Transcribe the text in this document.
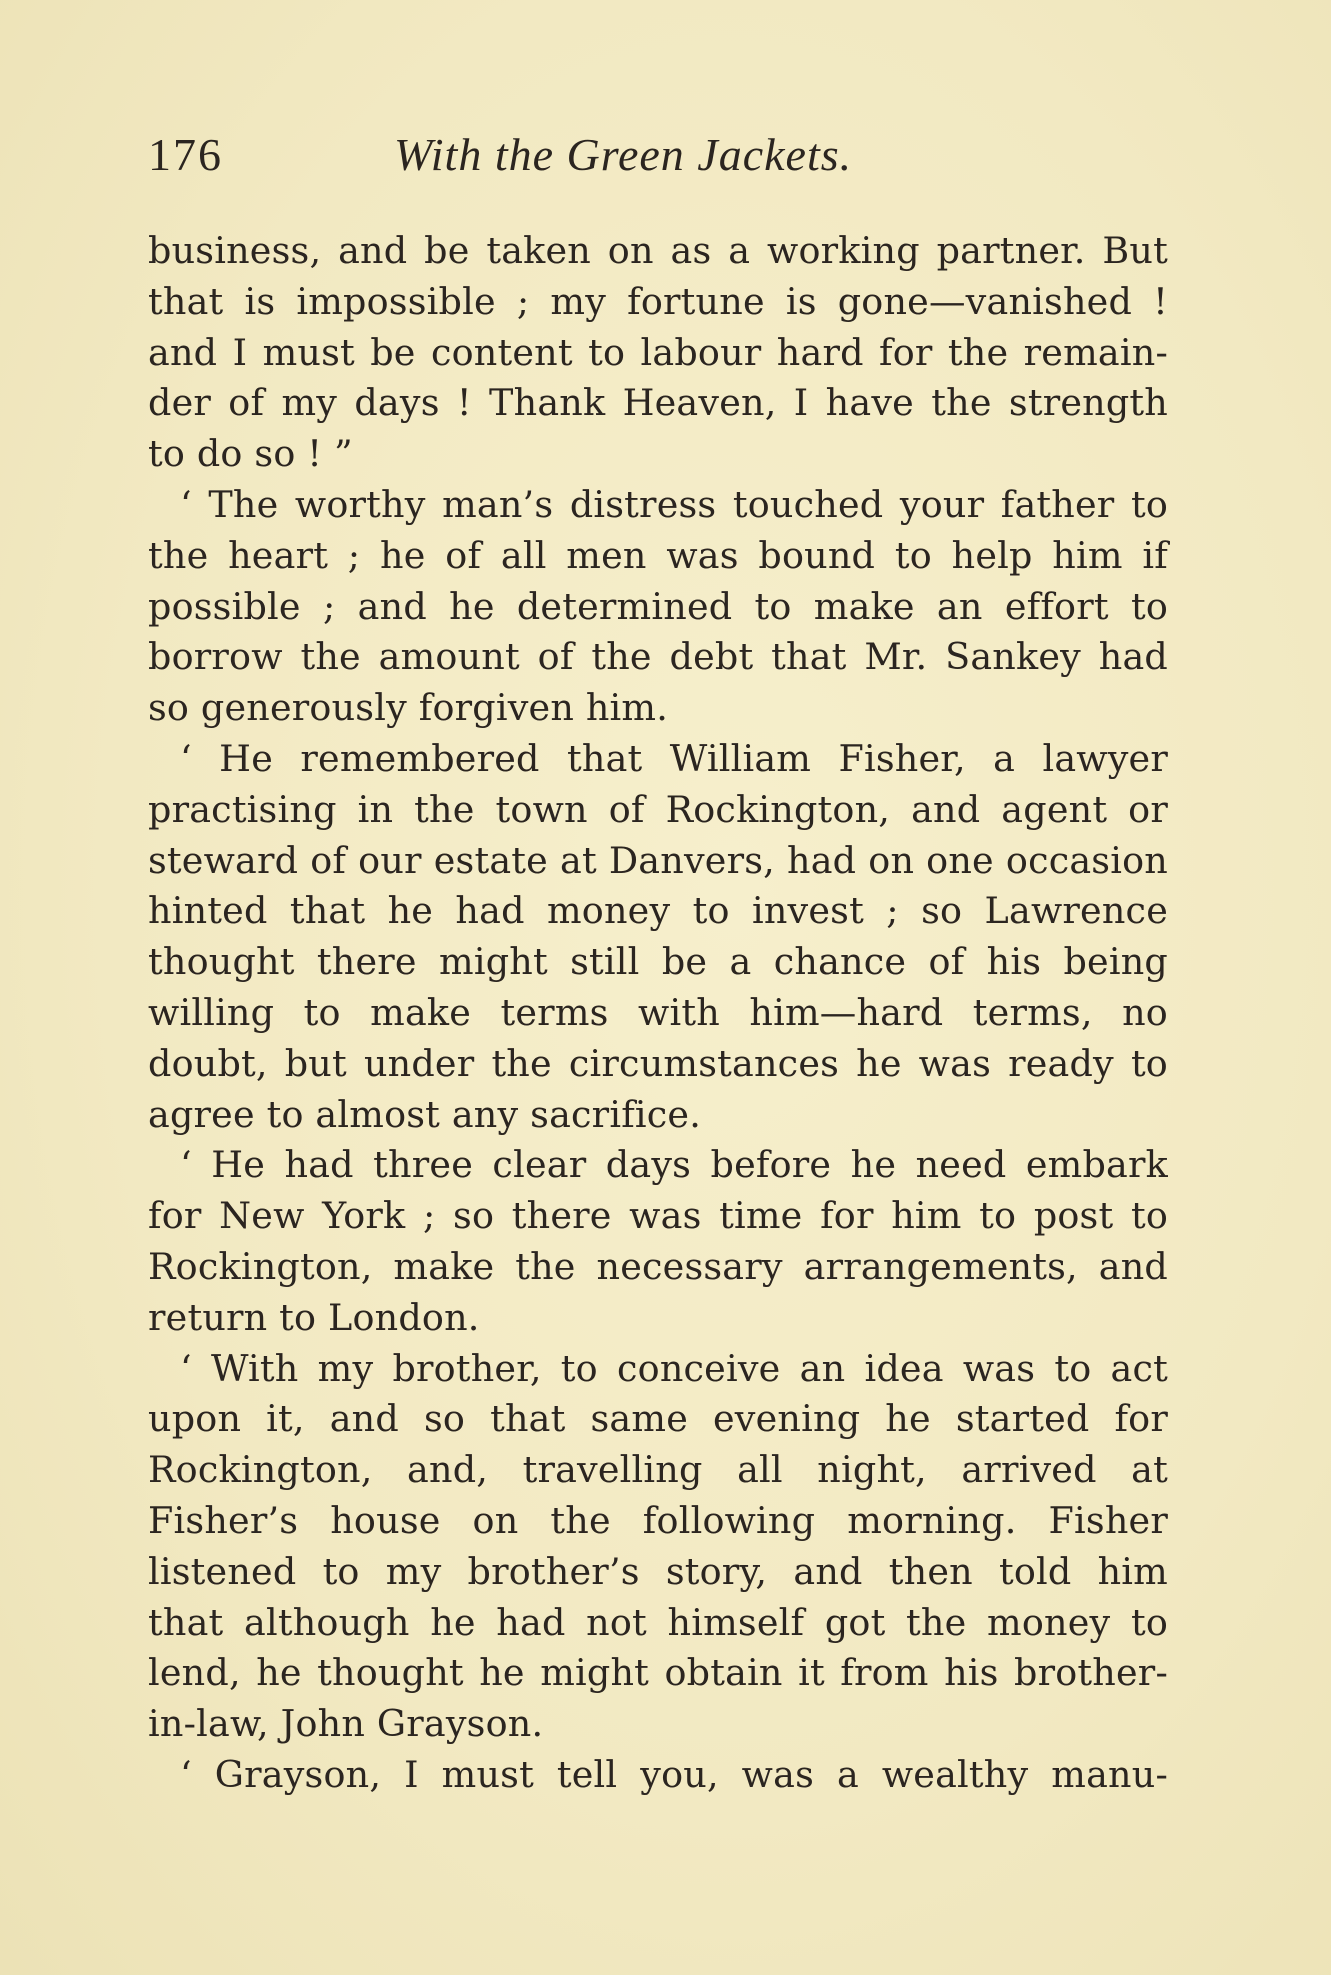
176	With the Green Jackets.
business, and be taken on as a working partner. But
that is impossible ; my fortune is gone—vanished !
and I must be content to labour hard for the remain-
der of my days ! Thank Heaven, I have the strength
to do so ! ”
‘ The worthy man’s distress touched your father to
the heart ; he of all men was bound to help him if
possible ; and he determined to make an effort to
borrow the amount of the debt that Mr. Sankey had
so generously forgiven him.
‘ He remembered that William Fisher, a lawyer
practising in the town of Rockington, and agent or
steward of our estate at Danvers, had on one occasion
hinted that he had money to invest ; so Lawrence
thought there might still be a chance of his being
willing to make terms with him—hard terms, no
doubt, but under the circumstances he was ready to
agree to almost any sacrifice.
‘ He had three clear days before he need embark
for New York ; so there was time for him to post to
Rockington, make the necessary arrangements, and
return to London.
‘ With my brother, to conceive an idea was to act
upon it, and so that same evening he started for
Rockington, and, travelling all night, arrived at
Fisher’s house on the following morning. Fisher
listened to my brother’s story, and then told him
that although he had not himself got the money to
lend, he thought he might obtain it from his brother-
in-law, John Grayson.
‘ Grayson, I must tell you, was a wealthy manu-
